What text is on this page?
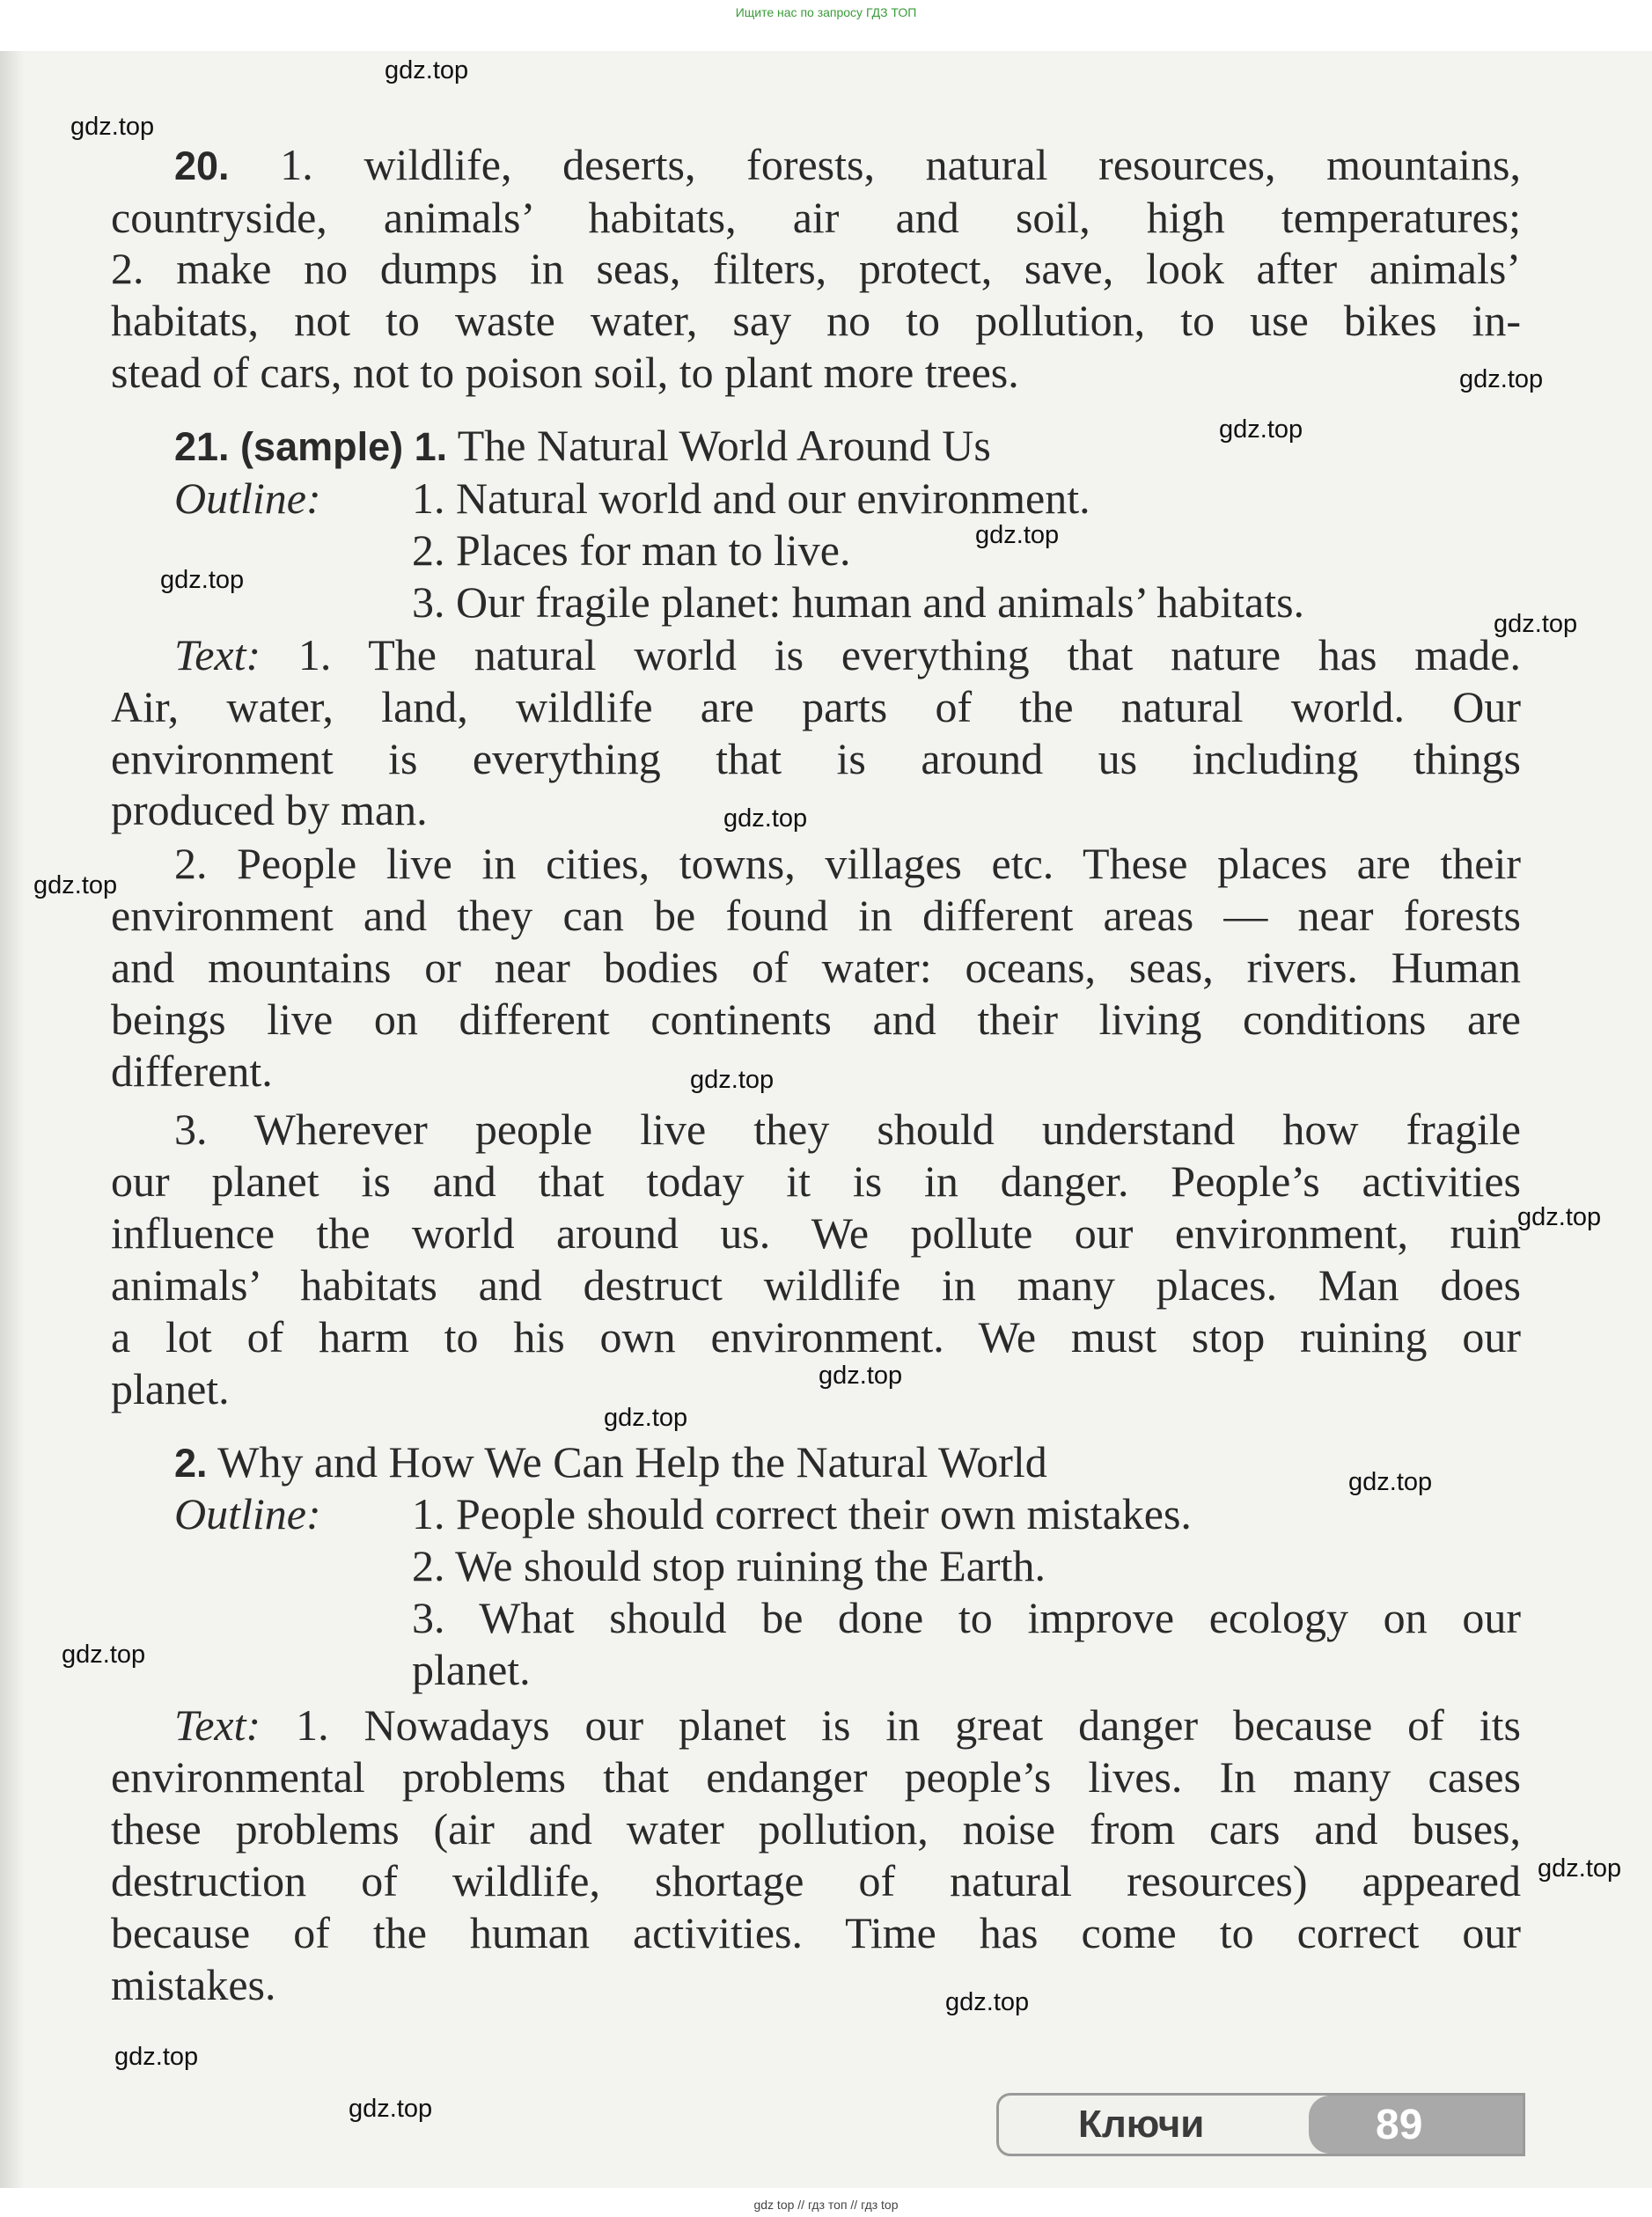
Ищите нас по запросу ГДЗ ТОП
20. 1. wildlife, deserts, forests, natural resources, mountains,
countryside, animals’ habitats, air and soil, high temperatures;
2. make no dumps in seas, filters, protect, save, look after animals’
habitats, not to waste water, say no to pollution, to use bikes in-
stead of cars, not to poison soil, to plant more trees.
21. (sample) 1. The Natural World Around Us
Outline:	1. Natural world and our environment.
2. Places for man to live.
3. Our fragile planet: human and animals’ habitats.
Text: 1. The natural world is everything that nature has made.
Air, water, land, wildlife are parts of the natural world. Our
environment is everything that is around us including things
produced by man.
2. People live in cities, towns, villages etc. These places are their
environment and they can be found in different areas — near forests
and mountains or near bodies of water: oceans, seas, rivers. Human
beings live on different continents and their living conditions are
different.
3. Wherever people live they should understand how fragile
our planet is and that today it is in danger. People’s activities
influence the world around us. We pollute our environment, ruin
animals’ habitats and destruct wildlife in many places. Man does
a lot of harm to his own environment. We must stop ruining our
planet.
2. Why and How We Can Help the Natural World
Outline:	1. People should correct their own mistakes.
2. We should stop ruining the Earth.
3. What should be done to improve ecology on our
planet.
Text: 1. Nowadays our planet is in great danger because of its
environmental problems that endanger people’s lives. In many cases
these problems (air and water pollution, noise from cars and buses,
destruction of wildlife, shortage of natural resources) appeared
because of the human activities. Time has come to correct our
mistakes.
gdz.top
gdz.top
gdz.top
gdz.top
gdz.top
gdz.top
gdz.top
gdz.top
gdz.top
gdz.top
gdz.top
gdz.top
gdz.top
gdz.top
gdz.top
gdz.top
gdz.top
gdz.top
gdz.top	Ключи	89
gdz top // гдз топ // гдз top
